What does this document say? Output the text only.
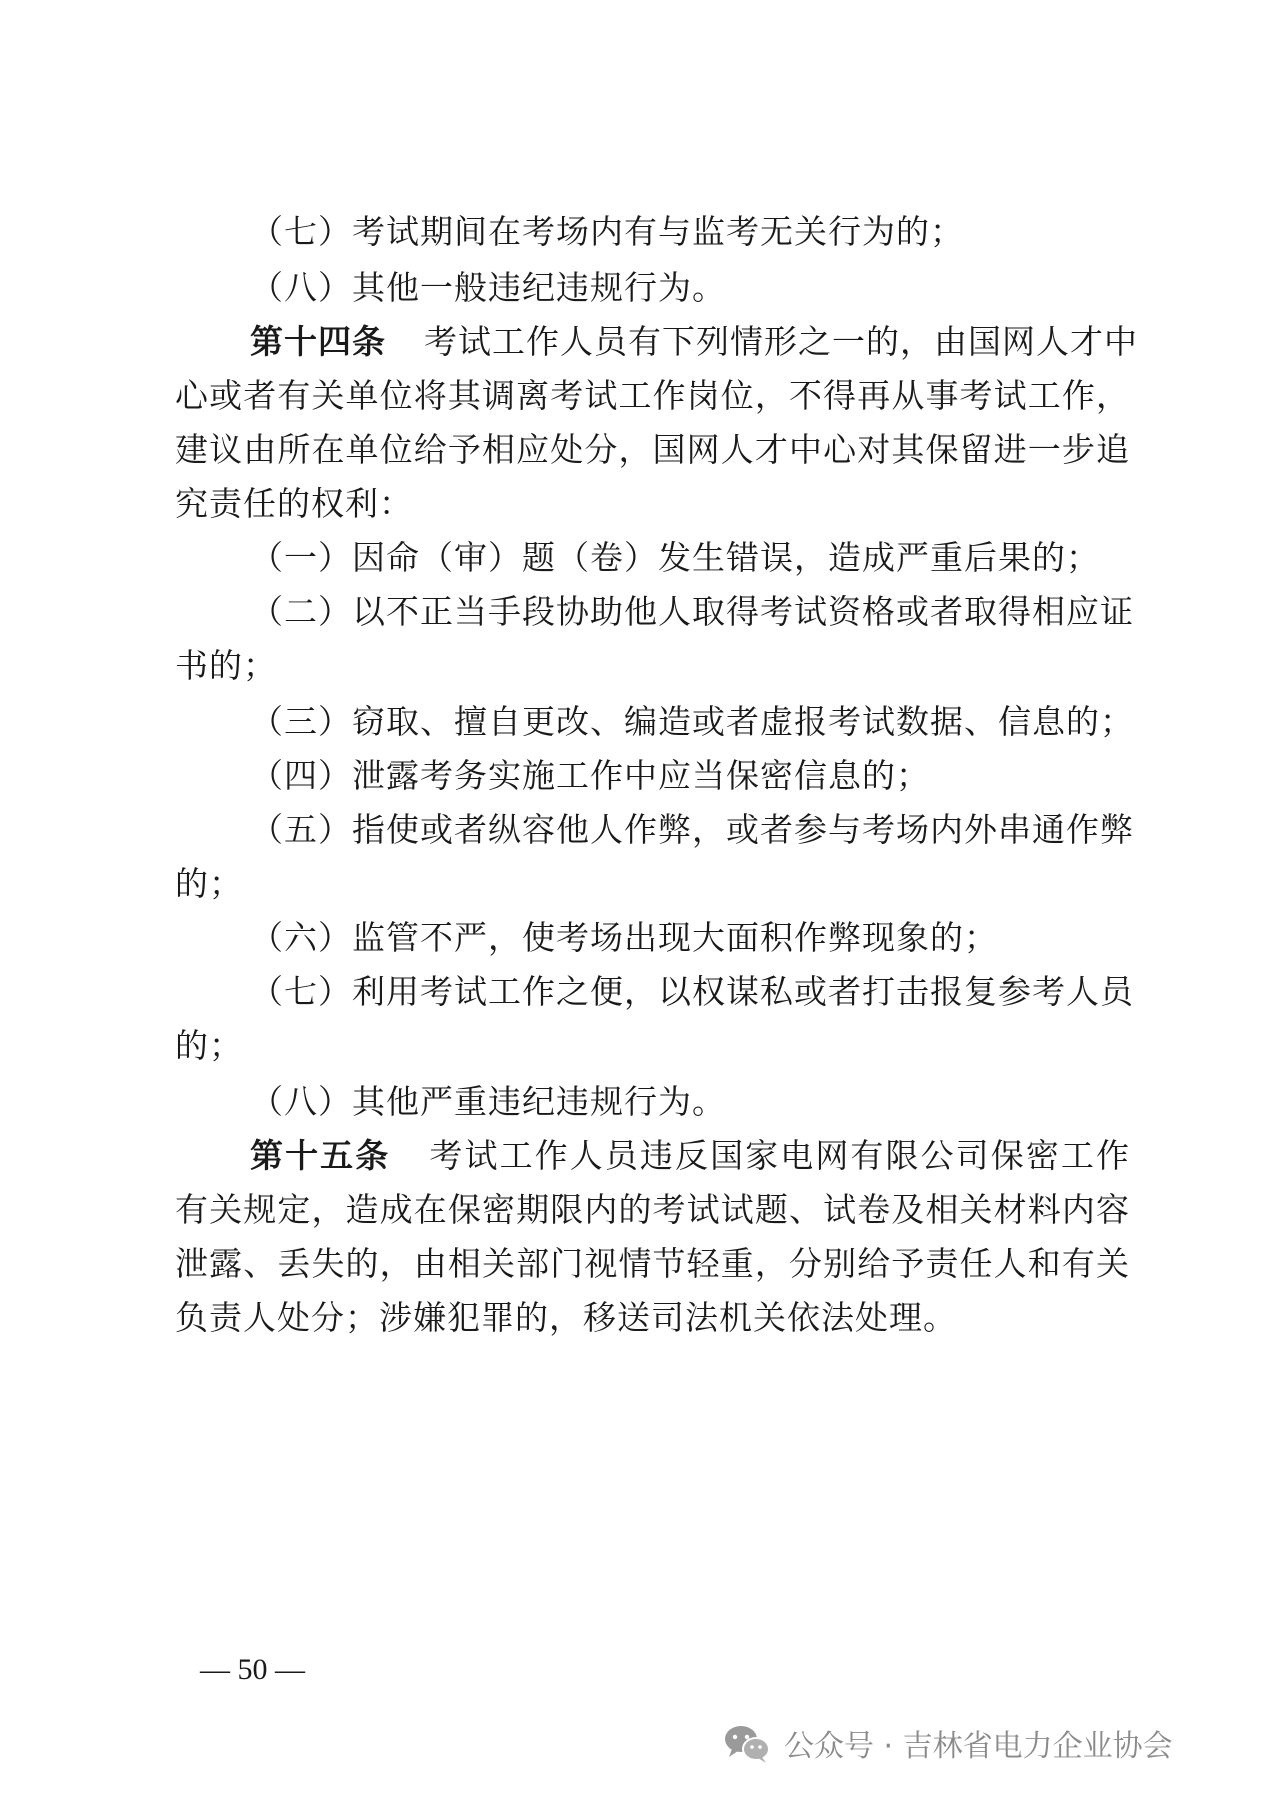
（七）考试期间在考场内有与监考无关行为的；
（八）其他一般违纪违规行为。
第十四条 考试工作人员有下列情形之一的，由国网人才中
心或者有关单位将其调离考试工作岗位，不得再从事考试工作，
建议由所在单位给予相应处分，国网人才中心对其保留进一步追
究责任的权利：
（一）因命（审）题（卷）发生错误，造成严重后果的；
（二）以不正当手段协助他人取得考试资格或者取得相应证
书的；
（三）窃取、擅自更改、编造或者虚报考试数据、信息的；
（四）泄露考务实施工作中应当保密信息的；
（五）指使或者纵容他人作弊，或者参与考场内外串通作弊
的；
（六）监管不严，使考场出现大面积作弊现象的；
（七）利用考试工作之便，以权谋私或者打击报复参考人员
的；
（八）其他严重违纪违规行为。
第十五条 考试工作人员违反国家电网有限公司保密工作
有关规定，造成在保密期限内的考试试题、试卷及相关材料内容
泄露、丢失的，由相关部门视情节轻重，分别给予责任人和有关
负责人处分；涉嫌犯罪的，移送司法机关依法处理。
— 50 —
公众号 · 吉林省电力企业协会
